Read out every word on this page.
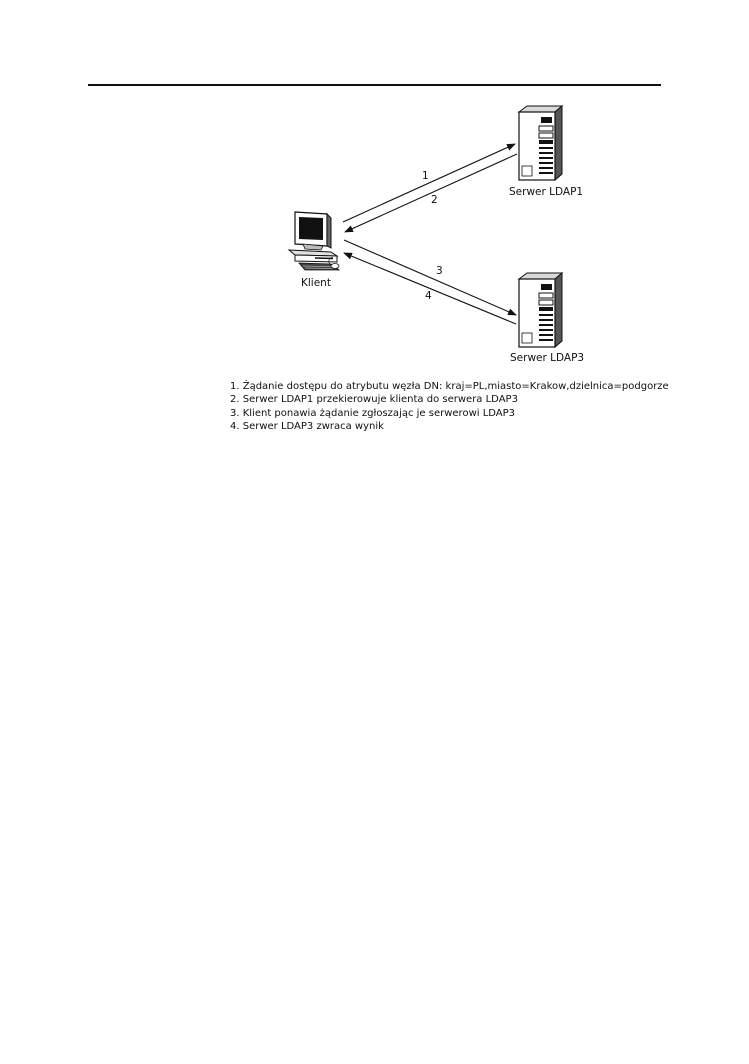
Serwer LDAP1
Klient
Serwer LDAP3
1
2
3
4
1. Żądanie dostępu do atrybutu węzła DN: kraj=PL,miasto=Krakow,dzielnica=podgorze
2. Serwer LDAP1 przekierowuje klienta do serwera LDAP3
3. Klient ponawia żądanie zgłoszając je serwerowi LDAP3
4. Serwer LDAP3 zwraca wynik
